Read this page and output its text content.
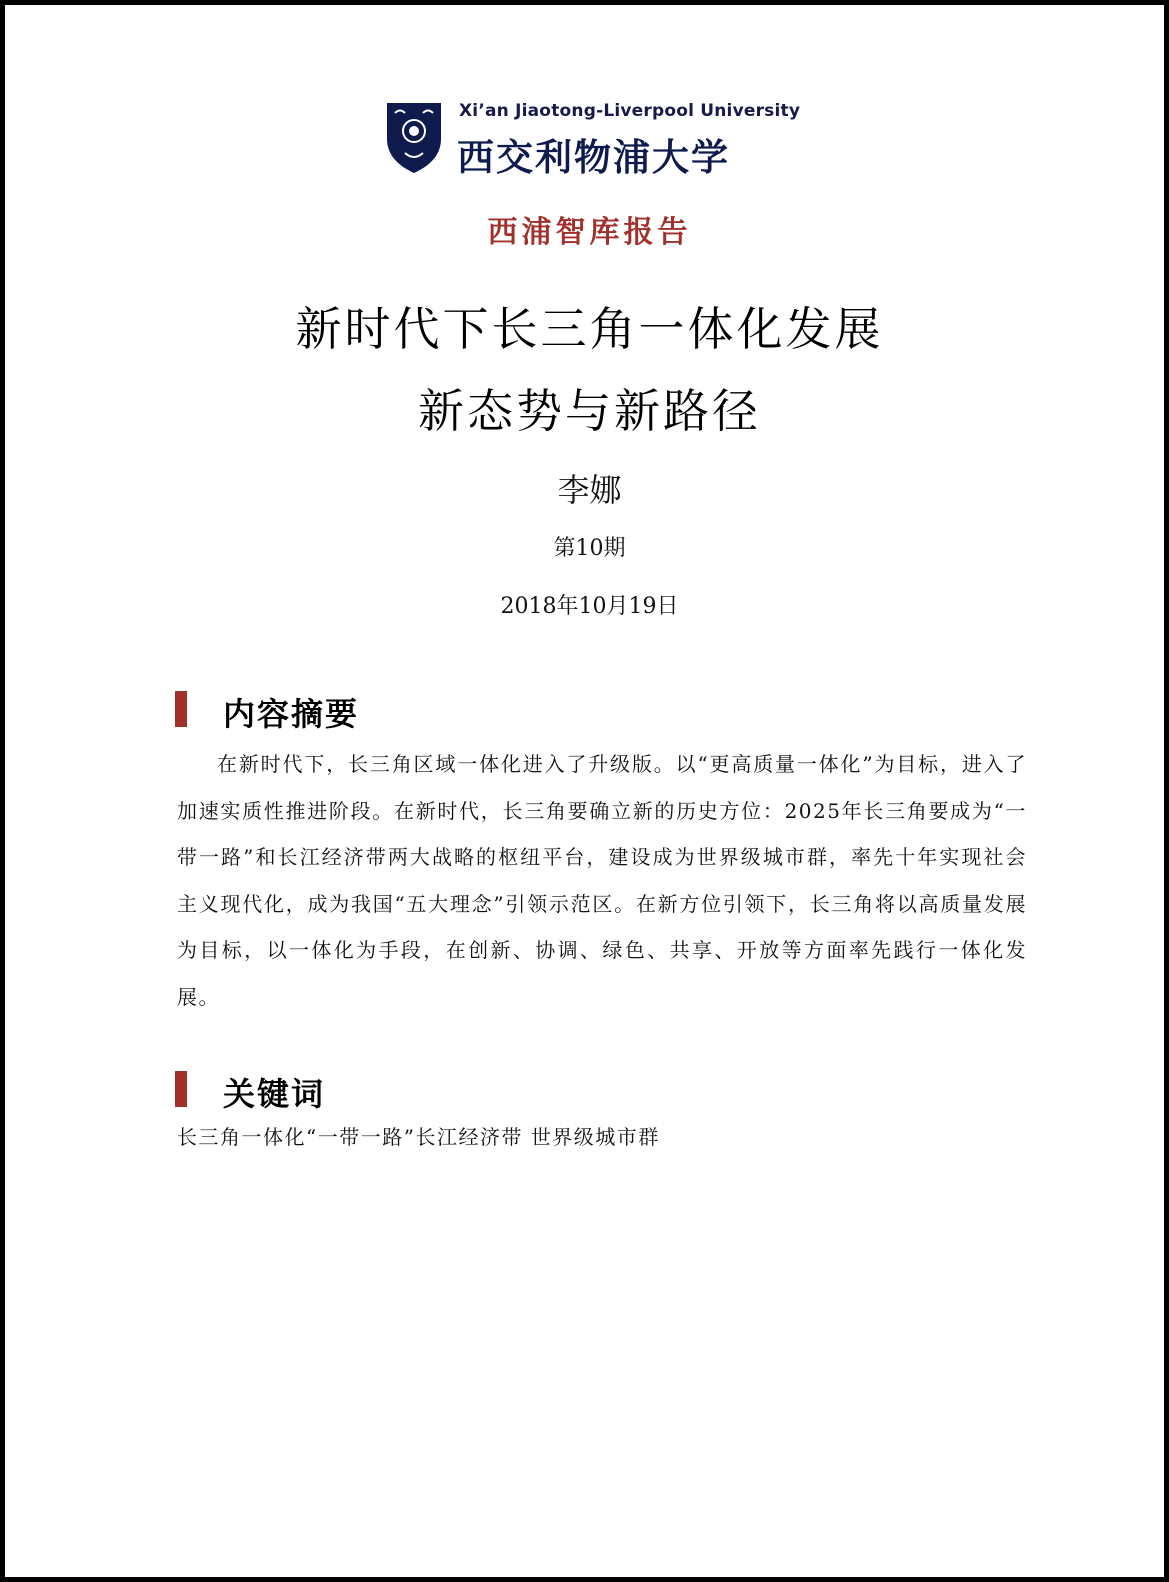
Xi’an Jiaotong-Liverpool University
西交利物浦大学
西浦智库报告
新时代下长三角一体化发展
新态势与新路径
李娜
第10期
2018年10月19日
内容摘要
在新时代下，长三角区域一体化进入了升级版。以“更高质量一体化”为目标，进入了加速实质性推进阶段。在新时代，长三角要确立新的历史方位：2025年长三角要成为“一带一路”和长江经济带两大战略的枢纽平台，建设成为世界级城市群，率先十年实现社会主义现代化，成为我国“五大理念”引领示范区。在新方位引领下，长三角将以高质量发展为目标，以一体化为手段，在创新、协调、绿色、共享、开放等方面率先践行一体化发展。
关键词
长三角一体化“一带一路”长江经济带 世界级城市群
